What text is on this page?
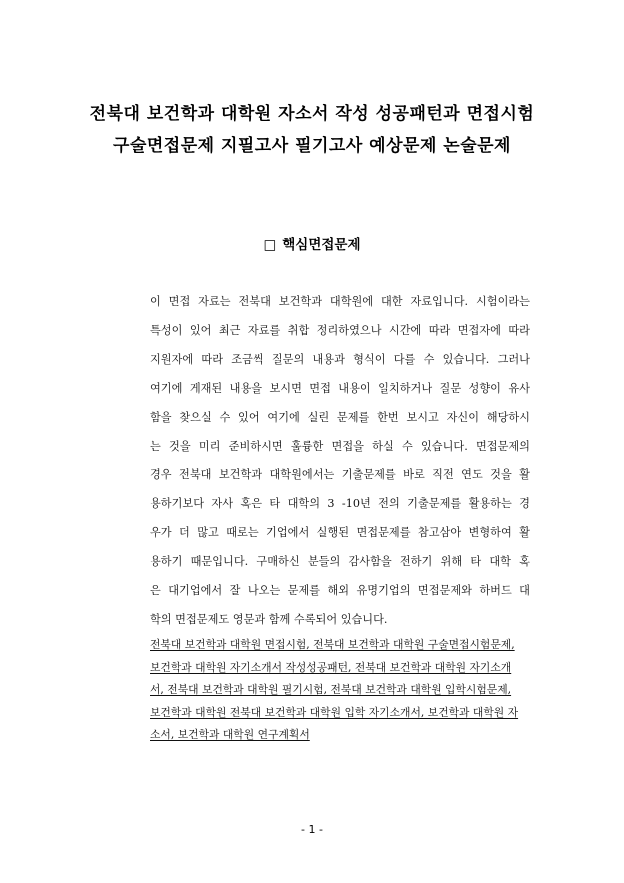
전북대 보건학과 대학원 자소서 작성 성공패턴과 면접시험
구술면접문제 지필고사 필기고사 예상문제 논술문제
□ 핵심면접문제
이 면접 자료는 전북대 보건학과 대학원에 대한 자료입니다. 시험이라는
특성이 있어 최근 자료를 취합 정리하였으나 시간에 따라 면접자에 따라
지원자에 따라 조금씩 질문의 내용과 형식이 다를 수 있습니다. 그러나
여기에 게재된 내용을 보시면 면접 내용이 일치하거나 질문 성향이 유사
함을 찾으실 수 있어 여기에 실린 문제를 한번 보시고 자신이 해당하시
는 것을 미리 준비하시면 훌륭한 면접을 하실 수 있습니다. 면접문제의
경우 전북대 보건학과 대학원에서는 기출문제를 바로 직전 연도 것을 활
용하기보다 자사 혹은 타 대학의 3 -10년 전의 기출문제를 활용하는 경
우가 더 많고 때로는 기업에서 실행된 면접문제를 참고삼아 변형하여 활
용하기 때문입니다. 구매하신 분들의 감사함을 전하기 위해 타 대학 혹
은 대기업에서 잘 나오는 문제를 해외 유명기업의 면접문제와 하버드 대
학의 면접문제도 영문과 함께 수록되어 있습니다.
전북대 보건학과 대학원 면접시험, 전북대 보건학과 대학원 구술면접시험문제,
보건학과 대학원 자기소개서 작성성공패턴, 전북대 보건학과 대학원 자기소개
서, 전북대 보건학과 대학원 필기시험, 전북대 보건학과 대학원 입학시험문제,
보건학과 대학원 전북대 보건학과 대학원 입학 자기소개서, 보건학과 대학원 자
소서, 보건학과 대학원 연구계획서
- 1 -
